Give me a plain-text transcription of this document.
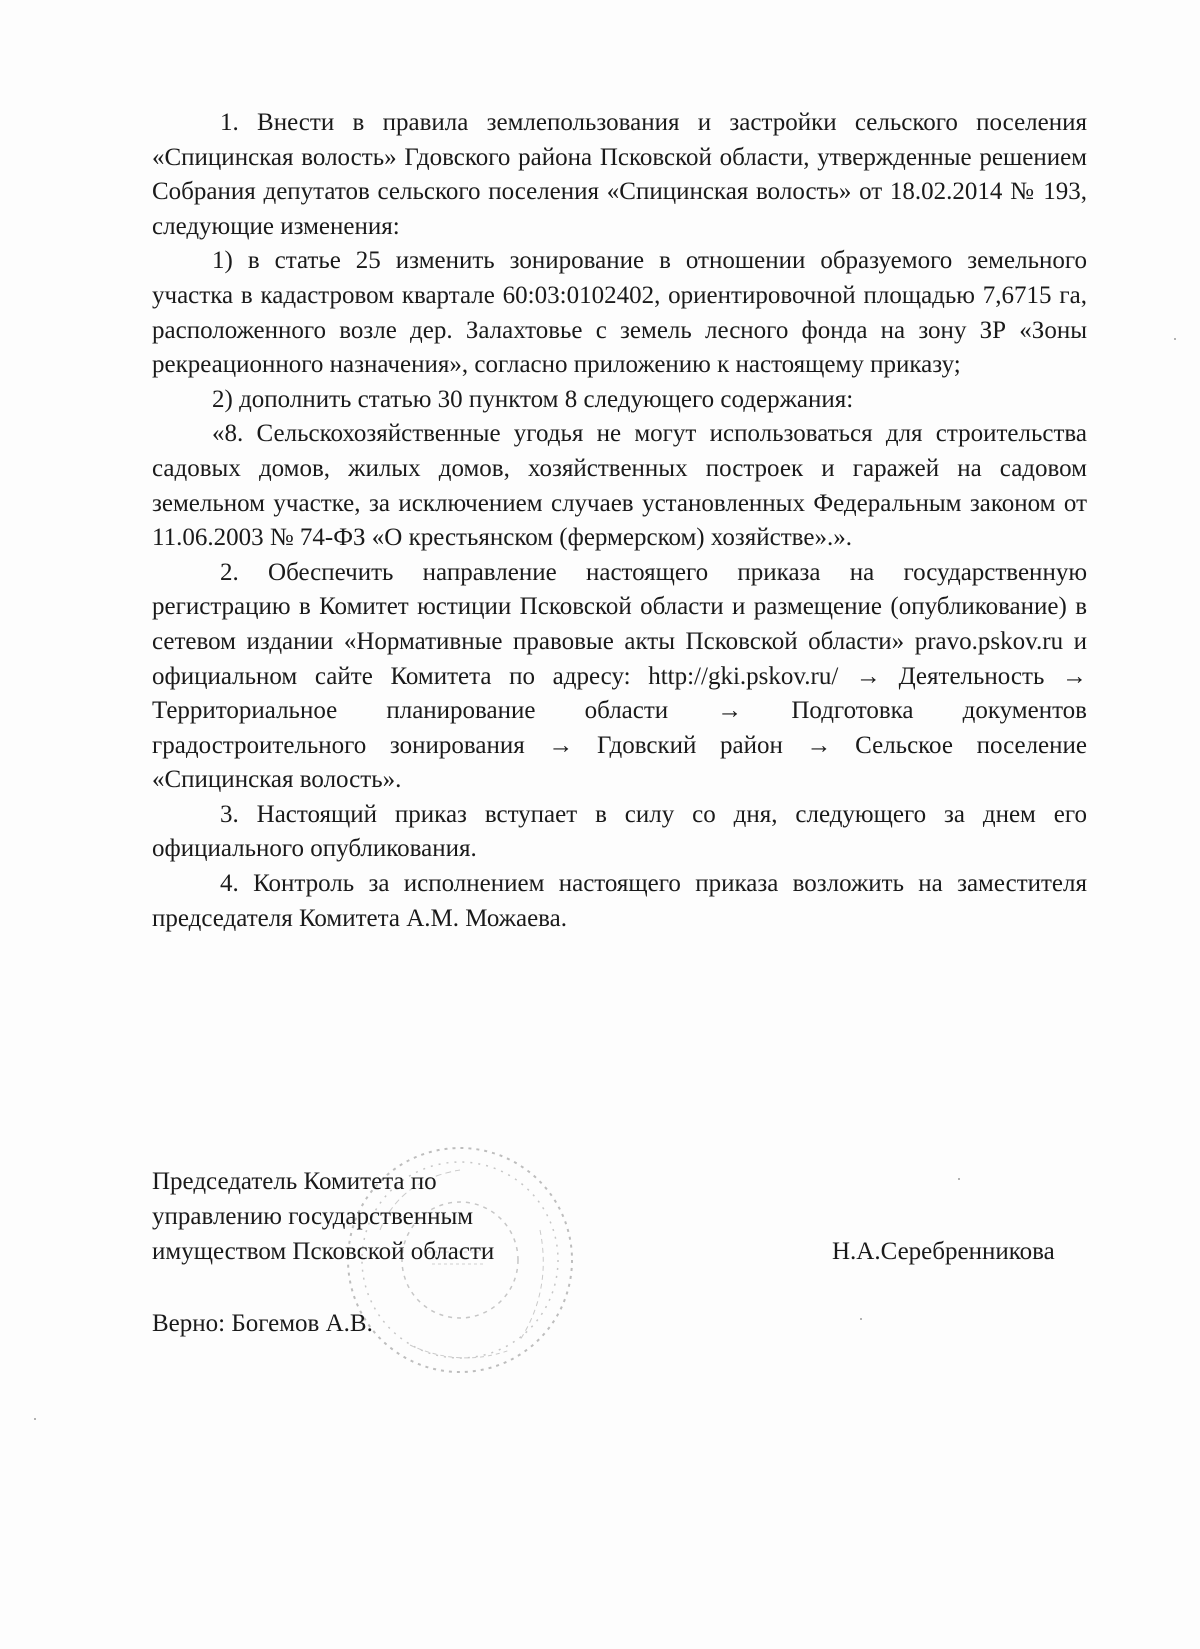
1. Внести в правила землепользования и застройки сельского поселения «Спицинская волость» Гдовского района Псковской области, утвержденные решением Собрания депутатов сельского поселения «Спицинская волость» от 18.02.2014 № 193, следующие изменения:

1) в статье 25 изменить зонирование в отношении образуемого земельного участка в кадастровом квартале 60:03:0102402, ориентировочной площадью 7,6715 га, расположенного возле дер. Залахтовье с земель лесного фонда на зону ЗР «Зоны рекреационного назначения», согласно приложению к настоящему приказу;

2) дополнить статью 30 пунктом 8 следующего содержания:

«8. Сельскохозяйственные угодья не могут использоваться для строительства садовых домов, жилых домов, хозяйственных построек и гаражей на садовом земельном участке, за исключением случаев установленных Федеральным законом от 11.06.2003 № 74-ФЗ «О крестьянском (фермерском) хозяйстве».».

2. Обеспечить направление настоящего приказа на государственную регистрацию в Комитет юстиции Псковской области и размещение (опубликование) в сетевом издании «Нормативные правовые акты Псковской области» pravo.pskov.ru и официальном сайте Комитета по адресу: http://gki.pskov.ru/ → Деятельность → Территориальное планирование области → Подготовка документов градостроительного зонирования → Гдовский район → Сельское поселение «Спицинская волость».

3. Настоящий приказ вступает в силу со дня, следующего за днем его официального опубликования.

4. Контроль за исполнением настоящего приказа возложить на заместителя председателя Комитета А.М. Можаева.

Председатель Комитета по
управлению государственным
имуществом Псковской области	Н.А.Серебренникова
Верно: Богемов А.В.
